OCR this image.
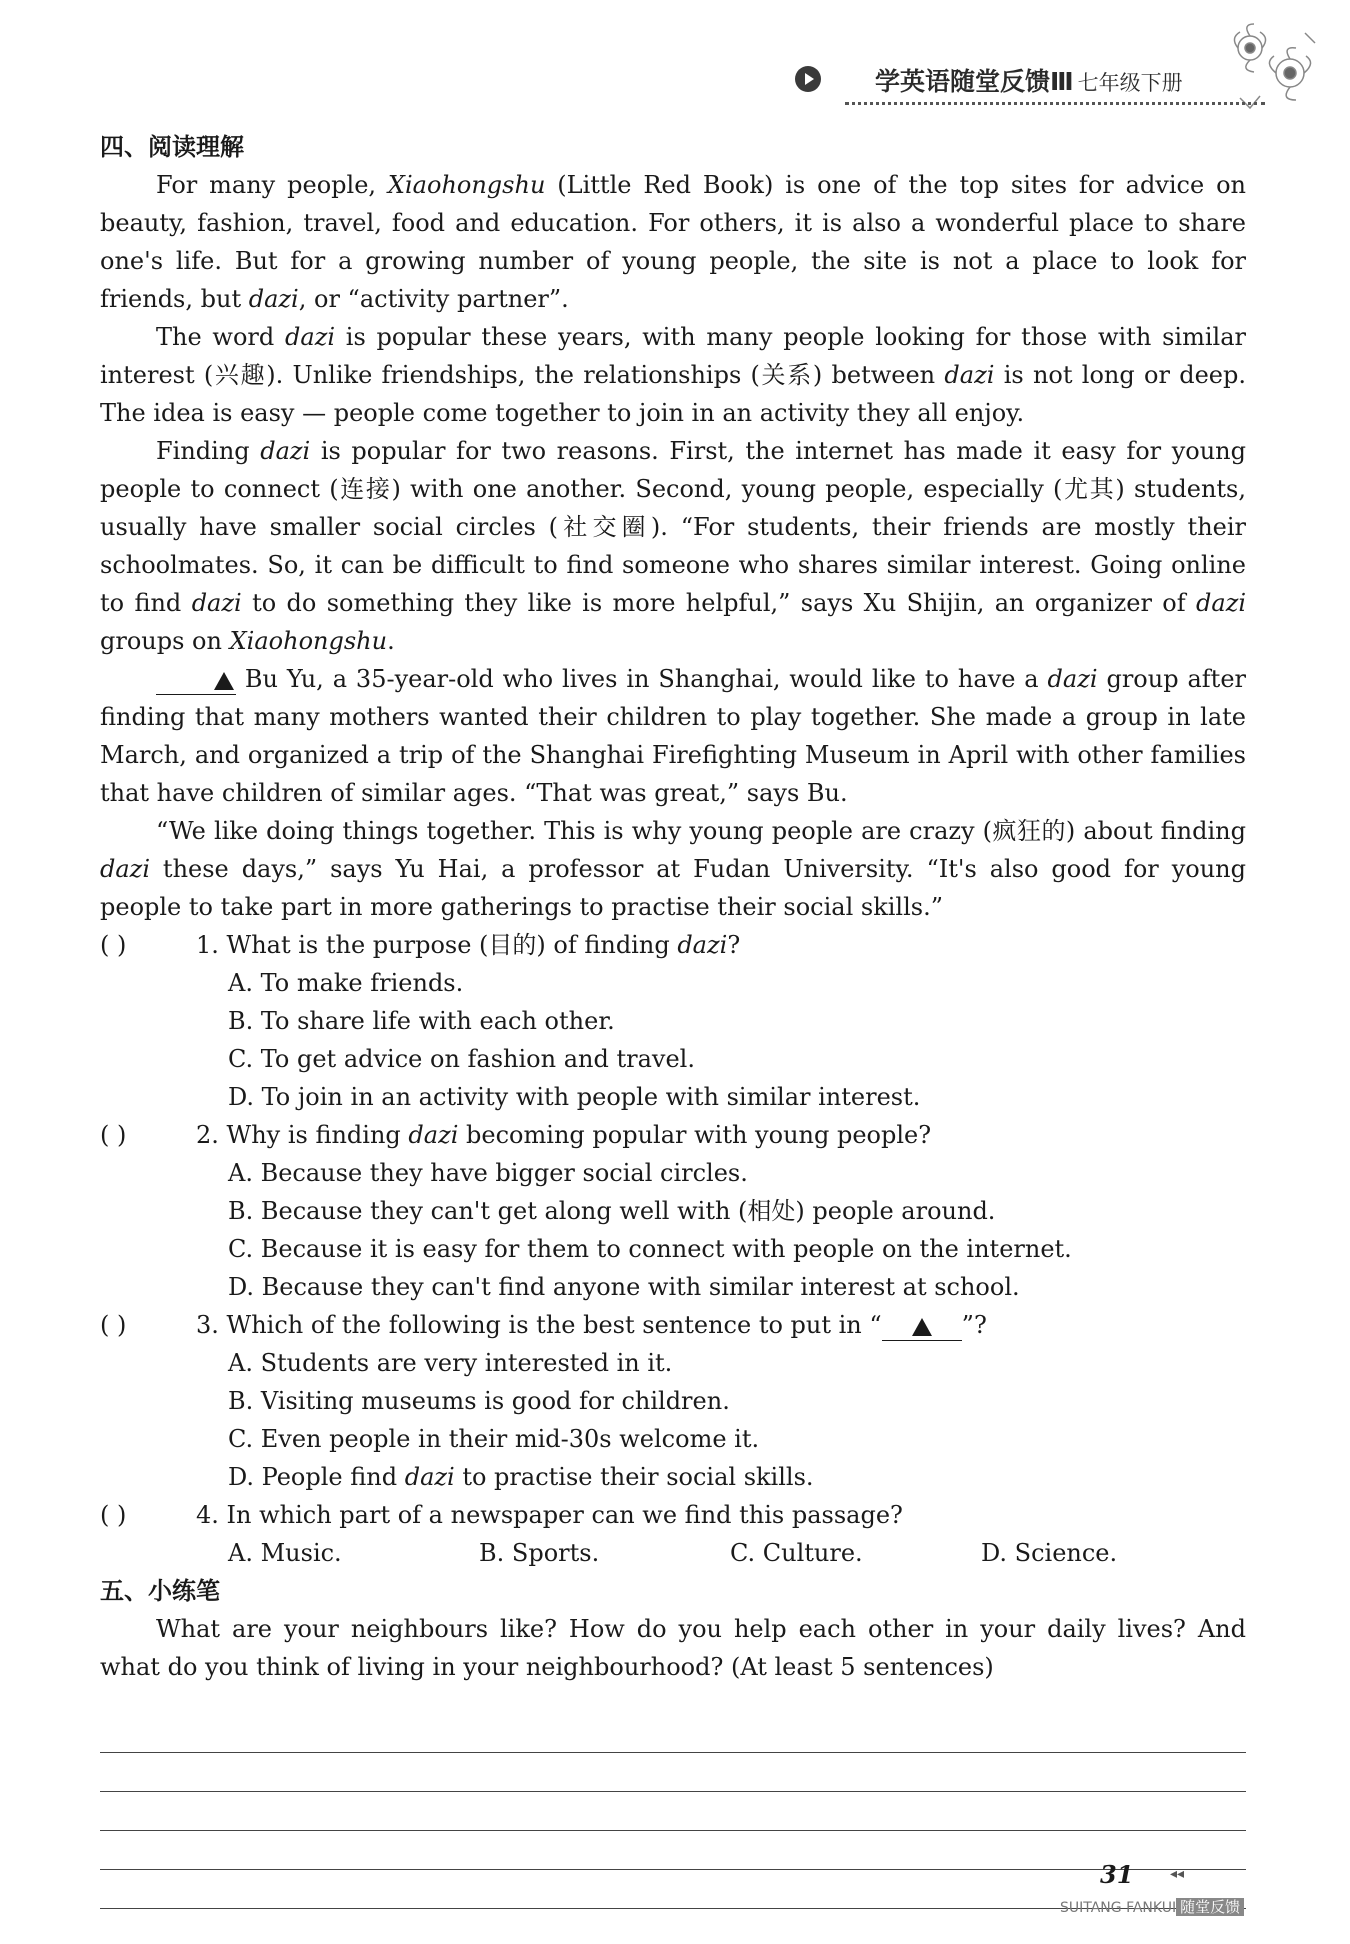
学英语随堂反馈Ⅲ 七年级下册
四、阅读理解

For many people, Xiaohongshu (Little Red Book) is one of the top sites for advice on beauty, fashion, travel, food and education. For others, it is also a wonderful place to share one's life. But for a growing number of young people, the site is not a place to look for friends, but dazi, or “activity partner”.

The word dazi is popular these years, with many people looking for those with similar interest (兴趣). Unlike friendships, the relationships (关系) between dazi is not long or deep. The idea is easy — people come together to join in an activity they all enjoy.

Finding dazi is popular for two reasons. First, the internet has made it easy for young people to connect (连接) with one another. Second, young people, especially (尤其) students, usually have smaller social circles (社交圈). “For students, their friends are mostly their schoolmates. So, it can be difficult to find someone who shares similar interest. Going online to find dazi to do something they like is more helpful,” says Xu Shijin, an organizer of dazi groups on Xiaohongshu.

Bu Yu, a 35-year-old who lives in Shanghai, would like to have a dazi group after finding that many mothers wanted their children to play together. She made a group in late March, and organized a trip of the Shanghai Firefighting Museum in April with other families that have children of similar ages. “That was great,” says Bu.

“We like doing things together. This is why young people are crazy (疯狂的) about finding dazi these days,” says Yu Hai, a professor at Fudan University. “It's also good for young people to take part in more gatherings to practise their social skills.”

( )	1. What is the purpose (目的) of finding dazi?

A. To make friends.

B. To share life with each other.

C. To get advice on fashion and travel.

D. To join in an activity with people with similar interest.

( )	2. Why is finding dazi becoming popular with young people?

A. Because they have bigger social circles.

B. Because they can't get along well with (相处) people around.

C. Because it is easy for them to connect with people on the internet.

D. Because they can't find anyone with similar interest at school.

( )	3. Which of the following is the best sentence to put in “	”?

A. Students are very interested in it.

B. Visiting museums is good for children.

C. Even people in their mid-30s welcome it.

D. People find dazi to practise their social skills.

( )	4. In which part of a newspaper can we find this passage?

A. Music.	B. Sports.	C. Culture.	D. Science.

五、小练笔

What are your neighbours like? How do you help each other in your daily lives? And what do you think of living in your neighbourhood? (At least 5 sentences)

31	◂◂
SUITANG FANKUI 随堂反馈
